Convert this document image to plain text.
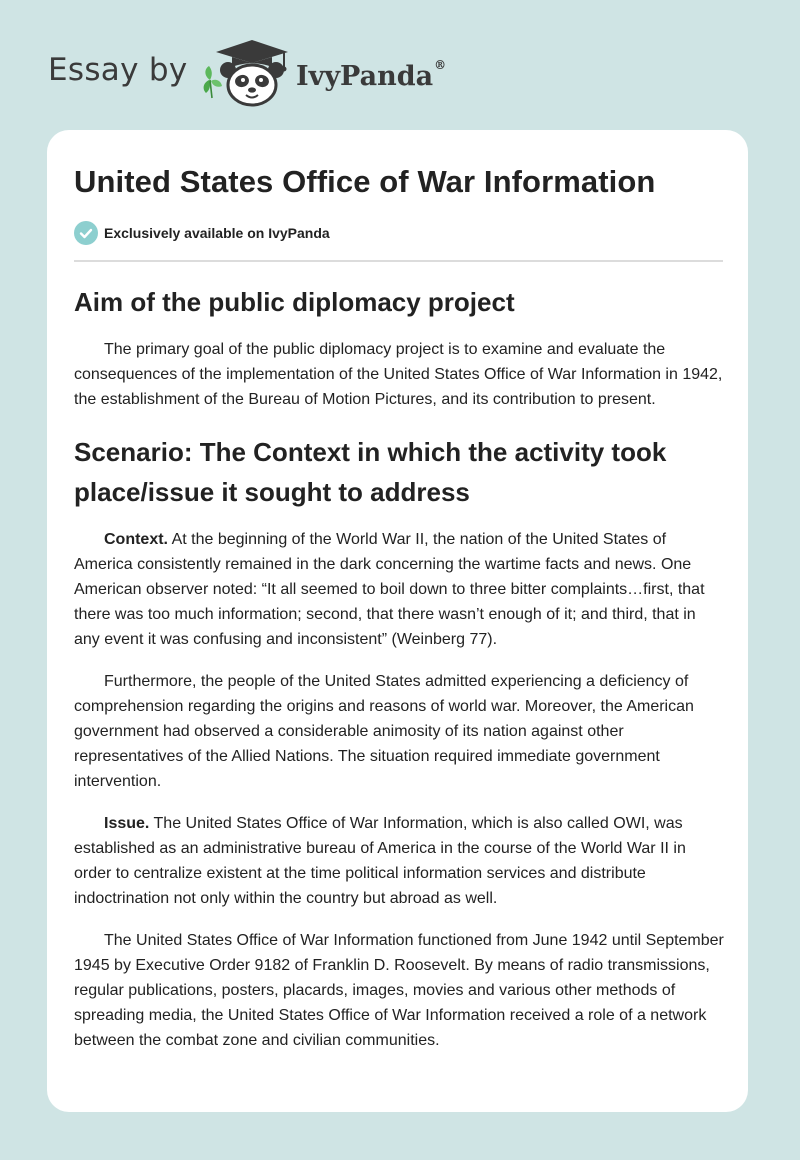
Essay by	IvyPanda®
United States Office of War Information
Exclusively available on IvyPanda
Aim of the public diplomacy project

The primary goal of the public diplomacy project is to examine and evaluate the consequences of the implementation of the United States Office of War Information in 1942, the establishment of the Bureau of Motion Pictures, and its contribution to present.

Scenario: The Context in which the activity took place/issue it sought to address

Context. At the beginning of the World War II, the nation of the United States of America consistently remained in the dark concerning the wartime facts and news. One American observer noted: “It all seemed to boil down to three bitter complaints…first, that there was too much information; second, that there wasn’t enough of it; and third, that in any event it was confusing and inconsistent” (Weinberg 77).

Furthermore, the people of the United States admitted experiencing a deficiency of comprehension regarding the origins and reasons of world war. Moreover, the American government had observed a considerable animosity of its nation against other representatives of the Allied Nations. The situation required immediate government intervention.

Issue. The United States Office of War Information, which is also called OWI, was established as an administrative bureau of America in the course of the World War II in order to centralize existent at the time political information services and distribute indoctrination not only within the country but abroad as well.

The United States Office of War Information functioned from June 1942 until September 1945 by Executive Order 9182 of Franklin D. Roosevelt. By means of radio transmissions, regular publications, posters, placards, images, movies and various other methods of spreading media, the United States Office of War Information received a role of a network between the combat zone and civilian communities.
